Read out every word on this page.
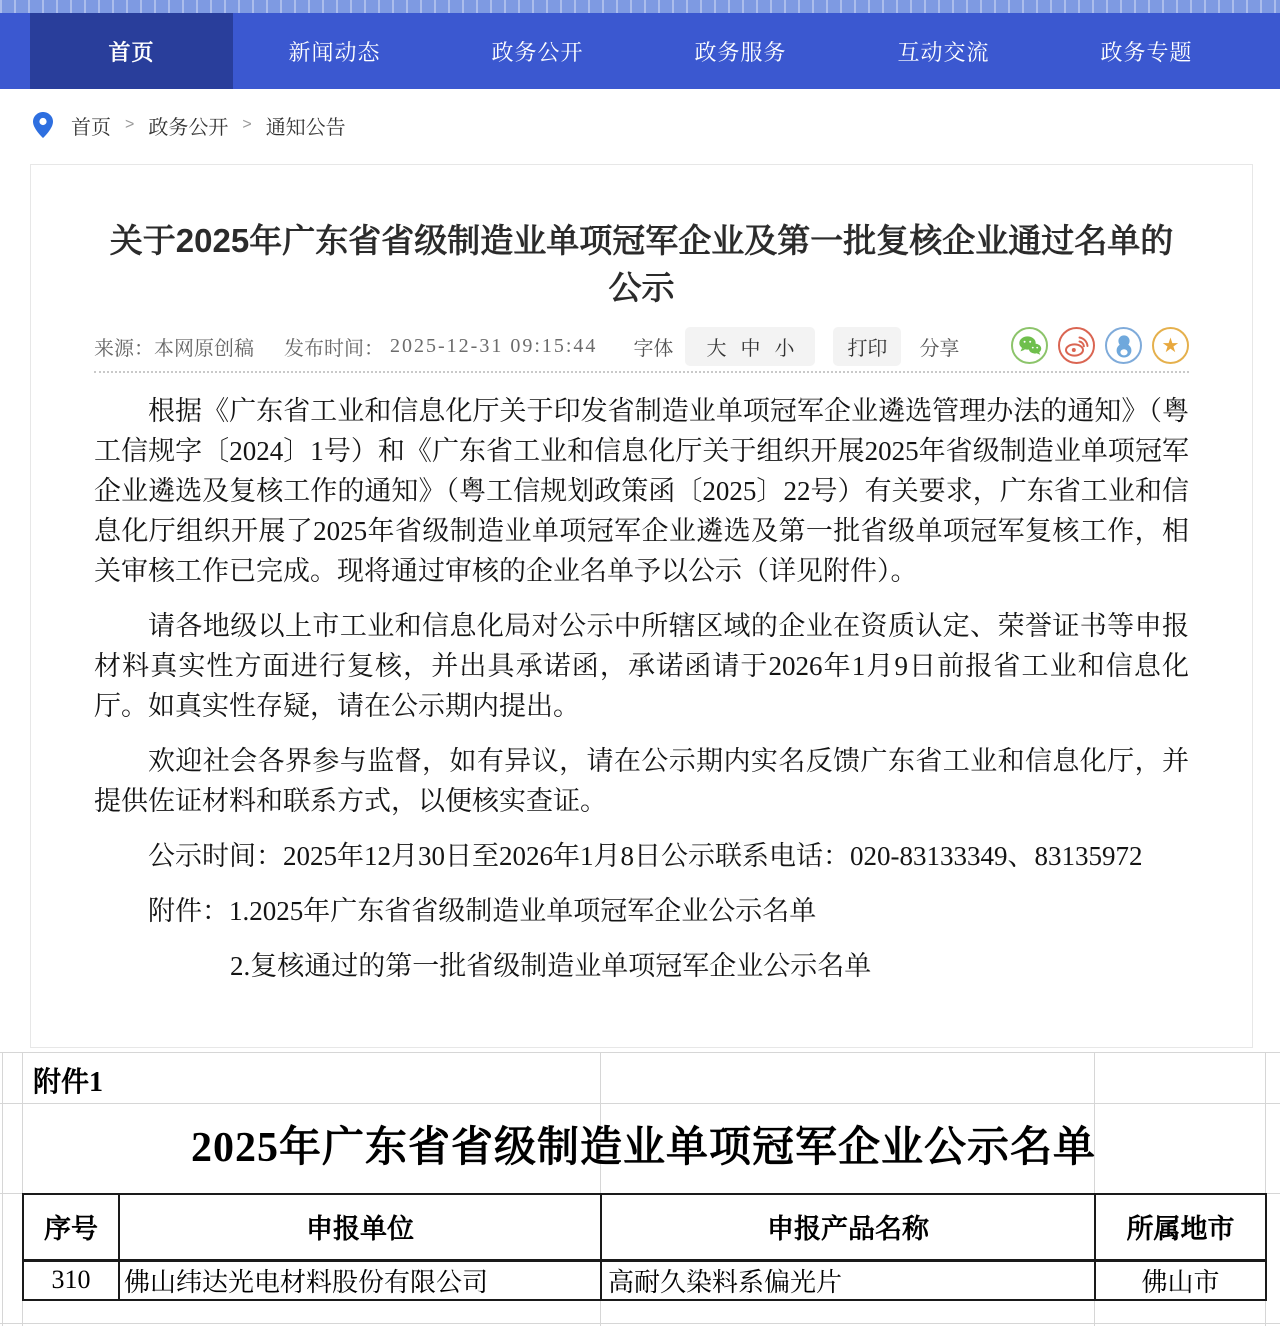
首页	新闻动态	政务公开	政务服务	互动交流	政务专题
首页 > 政务公开 > 通知公告
关于2025年广东省省级制造业单项冠军企业及第一批复核企业通过名单的公示
来源：本网原创稿 发布时间： 2025-12-31 09:15:44 字体 大 中 小	打印	分享	★

根据《广东省工业和信息化厅关于印发省制造业单项冠军企业遴选管理办法的通知》（粤工信规字〔2024〕1号）和《广东省工业和信息化厅关于组织开展2025年省级制造业单项冠军企业遴选及复核工作的通知》（粤工信规划政策函〔2025〕22号）有关要求，广东省工业和信息化厅组织开展了2025年省级制造业单项冠军企业遴选及第一批省级单项冠军复核工作，相关审核工作已完成。现将通过审核的企业名单予以公示（详见附件）。

请各地级以上市工业和信息化局对公示中所辖区域的企业在资质认定、荣誉证书等申报材料真实性方面进行复核，并出具承诺函，承诺函请于2026年1月9日前报省工业和信息化厅。如真实性存疑，请在公示期内提出。

欢迎社会各界参与监督，如有异议，请在公示期内实名反馈广东省工业和信息化厅，并提供佐证材料和联系方式，以便核实查证。

公示时间：2025年12月30日至2026年1月8日公示联系电话：020-83133349、83135972

附件：1.2025年广东省省级制造业单项冠军企业公示名单
2.复核通过的第一批省级制造业单项冠军企业公示名单
附件1
2025年广东省省级制造业单项冠军企业公示名单
序号	申报单位	申报产品名称	所属地市
310	佛山纬达光电材料股份有限公司	高耐久染料系偏光片	佛山市
